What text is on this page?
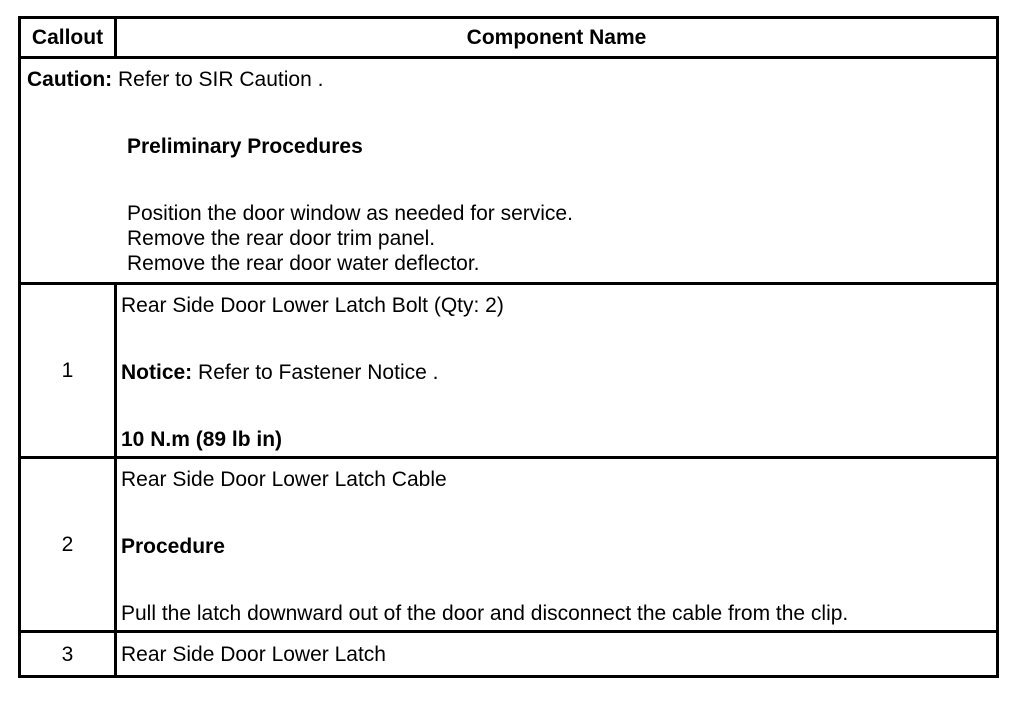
Callout	Component Name

Caution: Refer to SIR Caution .
Preliminary Procedures
Position the door window as needed for service.
Remove the rear door trim panel.
Remove the rear door water deflector.	

1	Rear Side Door Lower Latch Bolt (Qty: 2)
Notice: Refer to Fastener Notice .
10 N.m (89 lb in)

2	Rear Side Door Lower Latch Cable
Procedure
Pull the latch downward out of the door and disconnect the cable from the clip.

3	Rear Side Door Lower Latch
